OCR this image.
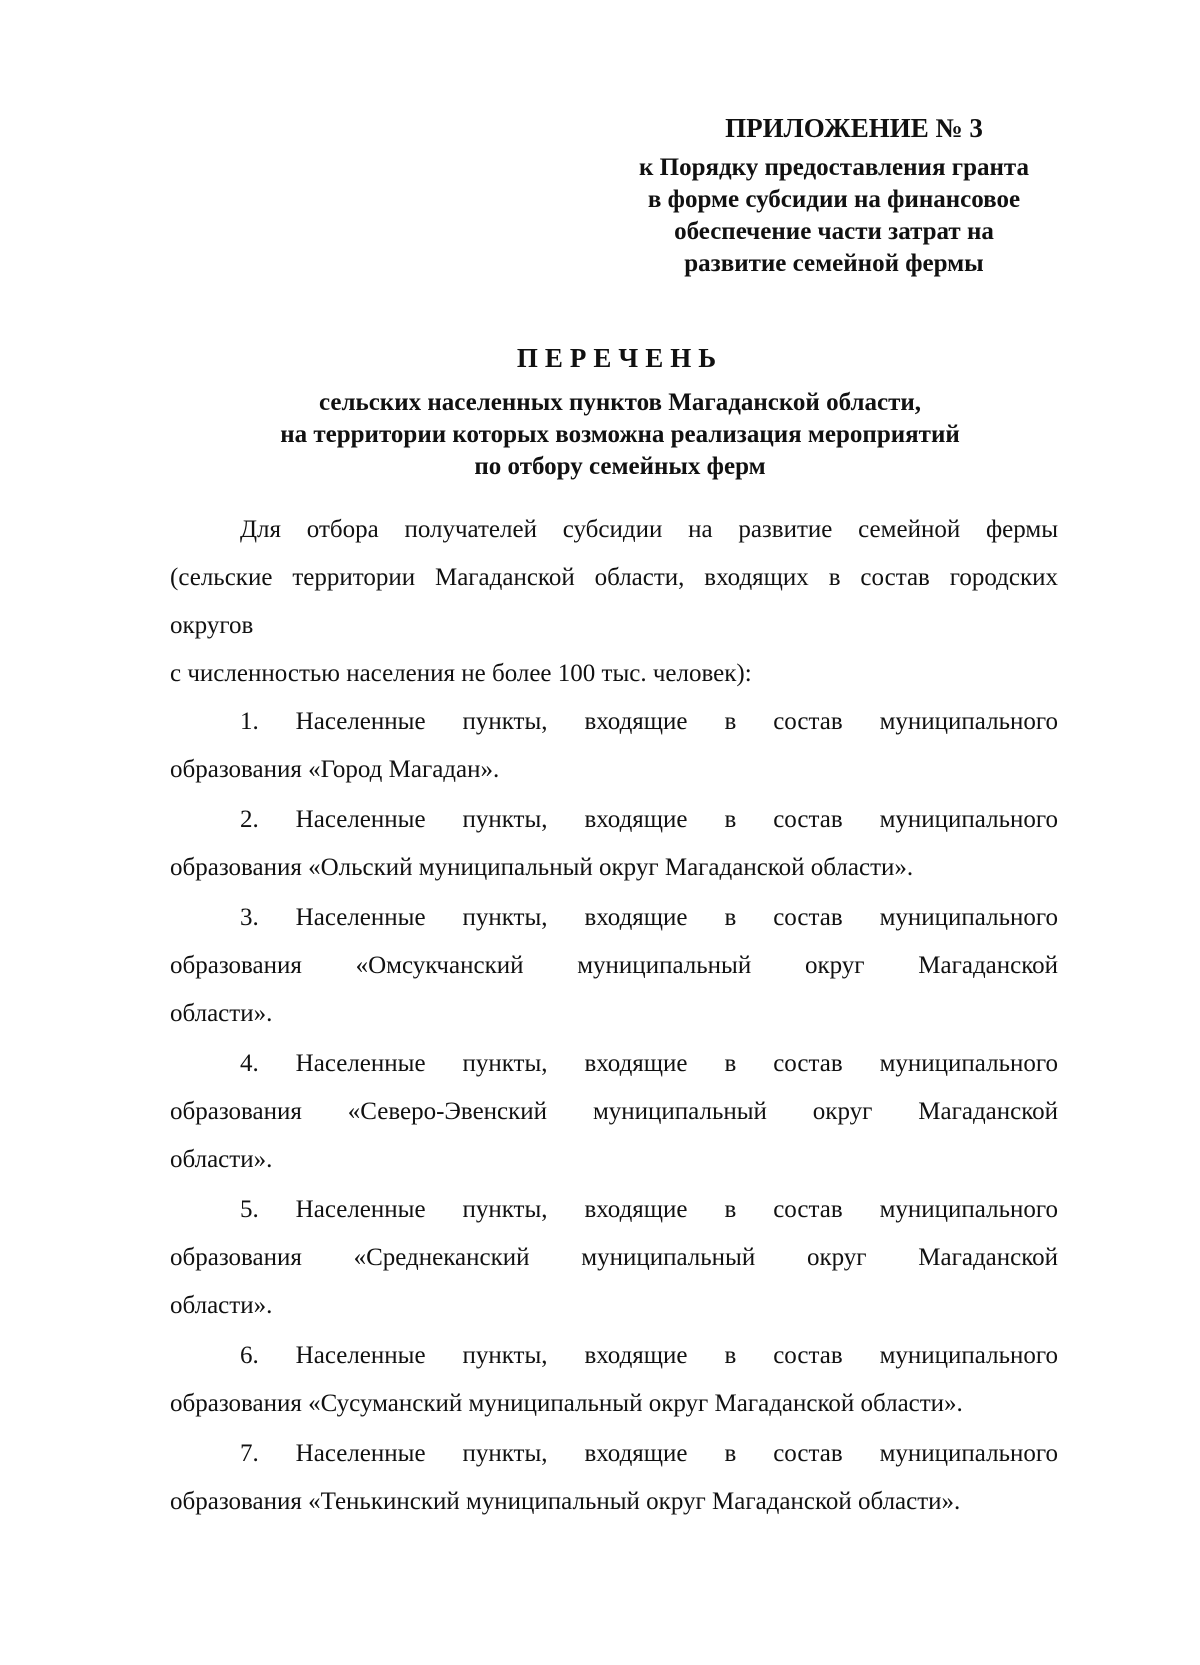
ПРИЛОЖЕНИЕ № 3

к Порядку предоставления гранта

в форме субсидии на финансовое

обеспечение части затрат на

развитие семейной фермы

ПЕРЕЧЕНЬ

сельских населенных пунктов Магаданской области,

на территории которых возможна реализация мероприятий

по отбору семейных ферм

Для отбора получателей субсидии на развитие семейной фермы

(сельские территории Магаданской области, входящих в состав городских

округов

с численностью населения не более 100 тыс. человек):

1. Населенные пункты, входящие в состав муниципального
образования «Город Магадан».
2. Населенные пункты, входящие в состав муниципального
образования «Ольский муниципальный округ Магаданской области».
3. Населенные пункты, входящие в состав муниципального
образования «Омсукчанский муниципальный округ Магаданской
области».
4. Населенные пункты, входящие в состав муниципального
образования «Северо-Эвенский муниципальный округ Магаданской
области».
5. Населенные пункты, входящие в состав муниципального
образования «Среднеканский муниципальный округ Магаданской
области».
6. Населенные пункты, входящие в состав муниципального
образования «Сусуманский муниципальный округ Магаданской области».
7. Населенные пункты, входящие в состав муниципального
образования «Тенькинский муниципальный округ Магаданской области».
